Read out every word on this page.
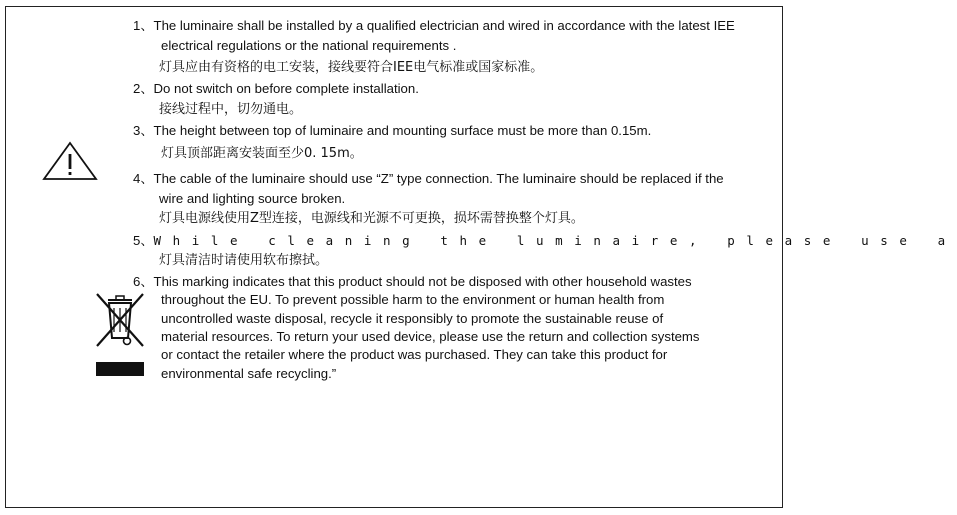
1、The luminaire shall be installed by a qualified electrician and wired in accordance with the latest IEE
electrical regulations or the national requirements .
灯具应由有资格的电工安装，接线要符合IEE电气标准或国家标准。
2、Do not switch on before complete installation.
接线过程中，切勿通电。
3、The height between top of luminaire and mounting surface must be more than 0.15m.
灯具顶部距离安装面至少0. 15m。
4、The cable of the luminaire should use “Z” type connection. The luminaire should be replaced if the
wire and lighting source broken.
灯具电源线使用Z型连接，电源线和光源不可更换，损坏需替换整个灯具。
5、While cleaning the luminaire, please use a
灯具清洁时请使用软布擦拭。
6、This marking indicates that this product should not be disposed with other household wastes
throughout the EU. To prevent possible harm to the environment or human health from
uncontrolled waste disposal, recycle it responsibly to promote the sustainable reuse of
material resources. To return your used device, please use the return and collection systems
or contact the retailer where the product was purchased. They can take this product for
environmental safe recycling.”
